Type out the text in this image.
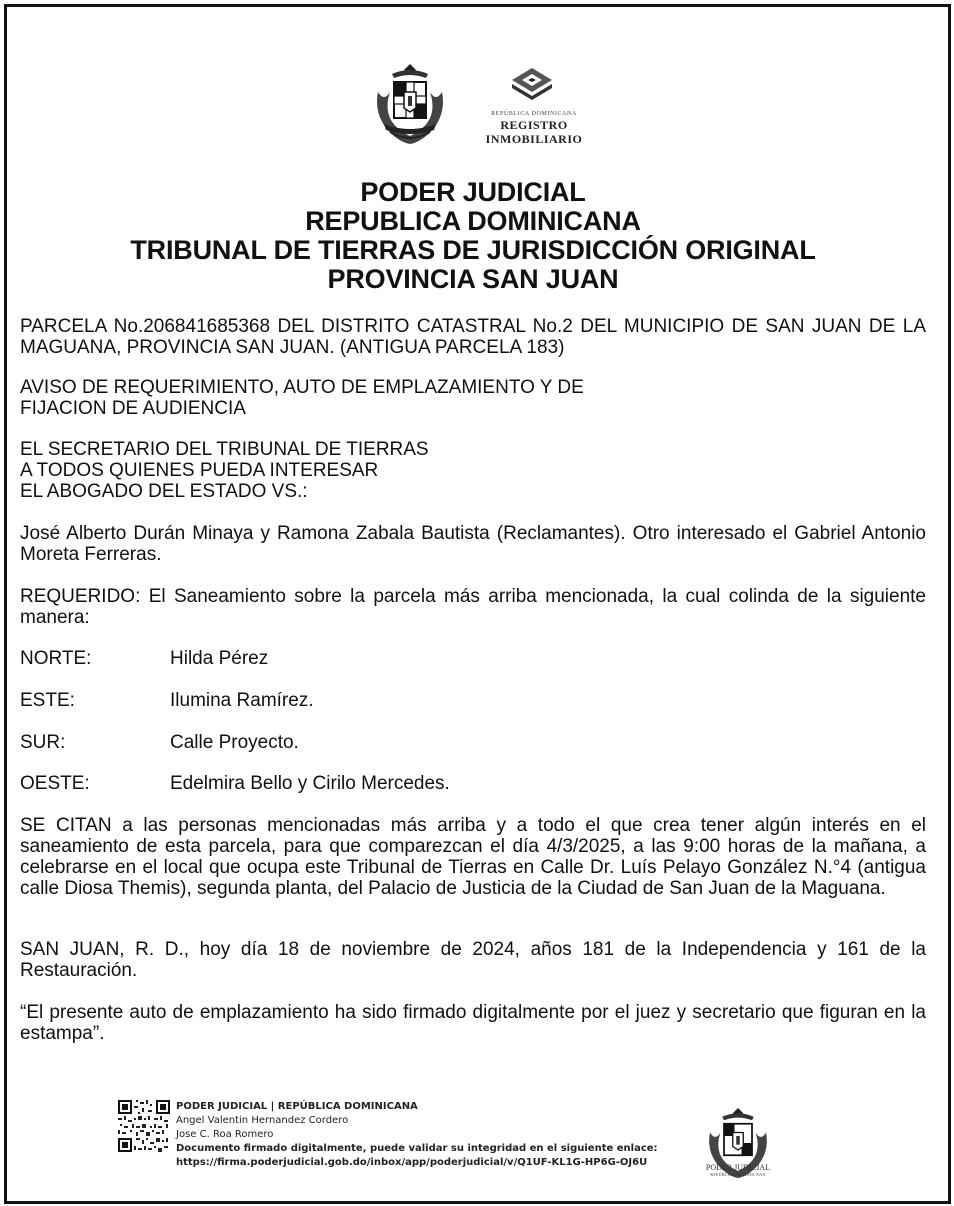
REPÚBLICA DOMINICANA
REGISTRO
INMOBILIARIO
PODER JUDICIAL
REPUBLICA DOMINICANA
TRIBUNAL DE TIERRAS DE JURISDICCIÓN ORIGINAL
PROVINCIA SAN JUAN

PARCELA No.206841685368 DEL DISTRITO CATASTRAL No.2 DEL MUNICIPIO DE SAN JUAN DE LA MAGUANA, PROVINCIA SAN JUAN. (ANTIGUA PARCELA 183)

AVISO DE REQUERIMIENTO, AUTO DE EMPLAZAMIENTO Y DE
FIJACION DE AUDIENCIA
EL SECRETARIO DEL TRIBUNAL DE TIERRAS
A TODOS QUIENES PUEDA INTERESAR
EL ABOGADO DEL ESTADO VS.:

José Alberto Durán Minaya y Ramona Zabala Bautista (Reclamantes). Otro interesado el Gabriel Antonio Moreta Ferreras.

REQUERIDO: El Saneamiento sobre la parcela más arriba mencionada, la cual colinda de la siguiente manera:

NORTE:	Hilda Pérez
ESTE:	Ilumina Ramírez.
SUR:	Calle Proyecto.
OESTE:	Edelmira Bello y Cirilo Mercedes.

SE CITAN a las personas mencionadas más arriba y a todo el que crea tener algún interés en el saneamiento de esta parcela, para que comparezcan el día 4/3/2025, a las 9:00 horas de la mañana, a celebrarse en el local que ocupa este Tribunal de Tierras en Calle Dr. Luís Pelayo González N.°4 (antigua calle Diosa Themis), segunda planta, del Palacio de Justicia de la Ciudad de San Juan de la Maguana.

SAN JUAN, R. D., hoy día 18 de noviembre de 2024, años 181 de la Independencia y 161 de la Restauración.

“El presente auto de emplazamiento ha sido firmado digitalmente por el juez y secretario que figuran en la estampa”.

PODER JUDICIAL | REPÚBLICA DOMINICANA
Angel Valentin Hernandez Cordero
Jose C. Roa Romero
Documento firmado digitalmente, puede validar su integridad en el siguiente enlace:
https://firma.poderjudicial.gob.do/inbox/app/poderjudicial/v/Q1UF-KL1G-HP6G-OJ6U	PODER JUDICIAL
REPÚBLICA DOMINICANA
